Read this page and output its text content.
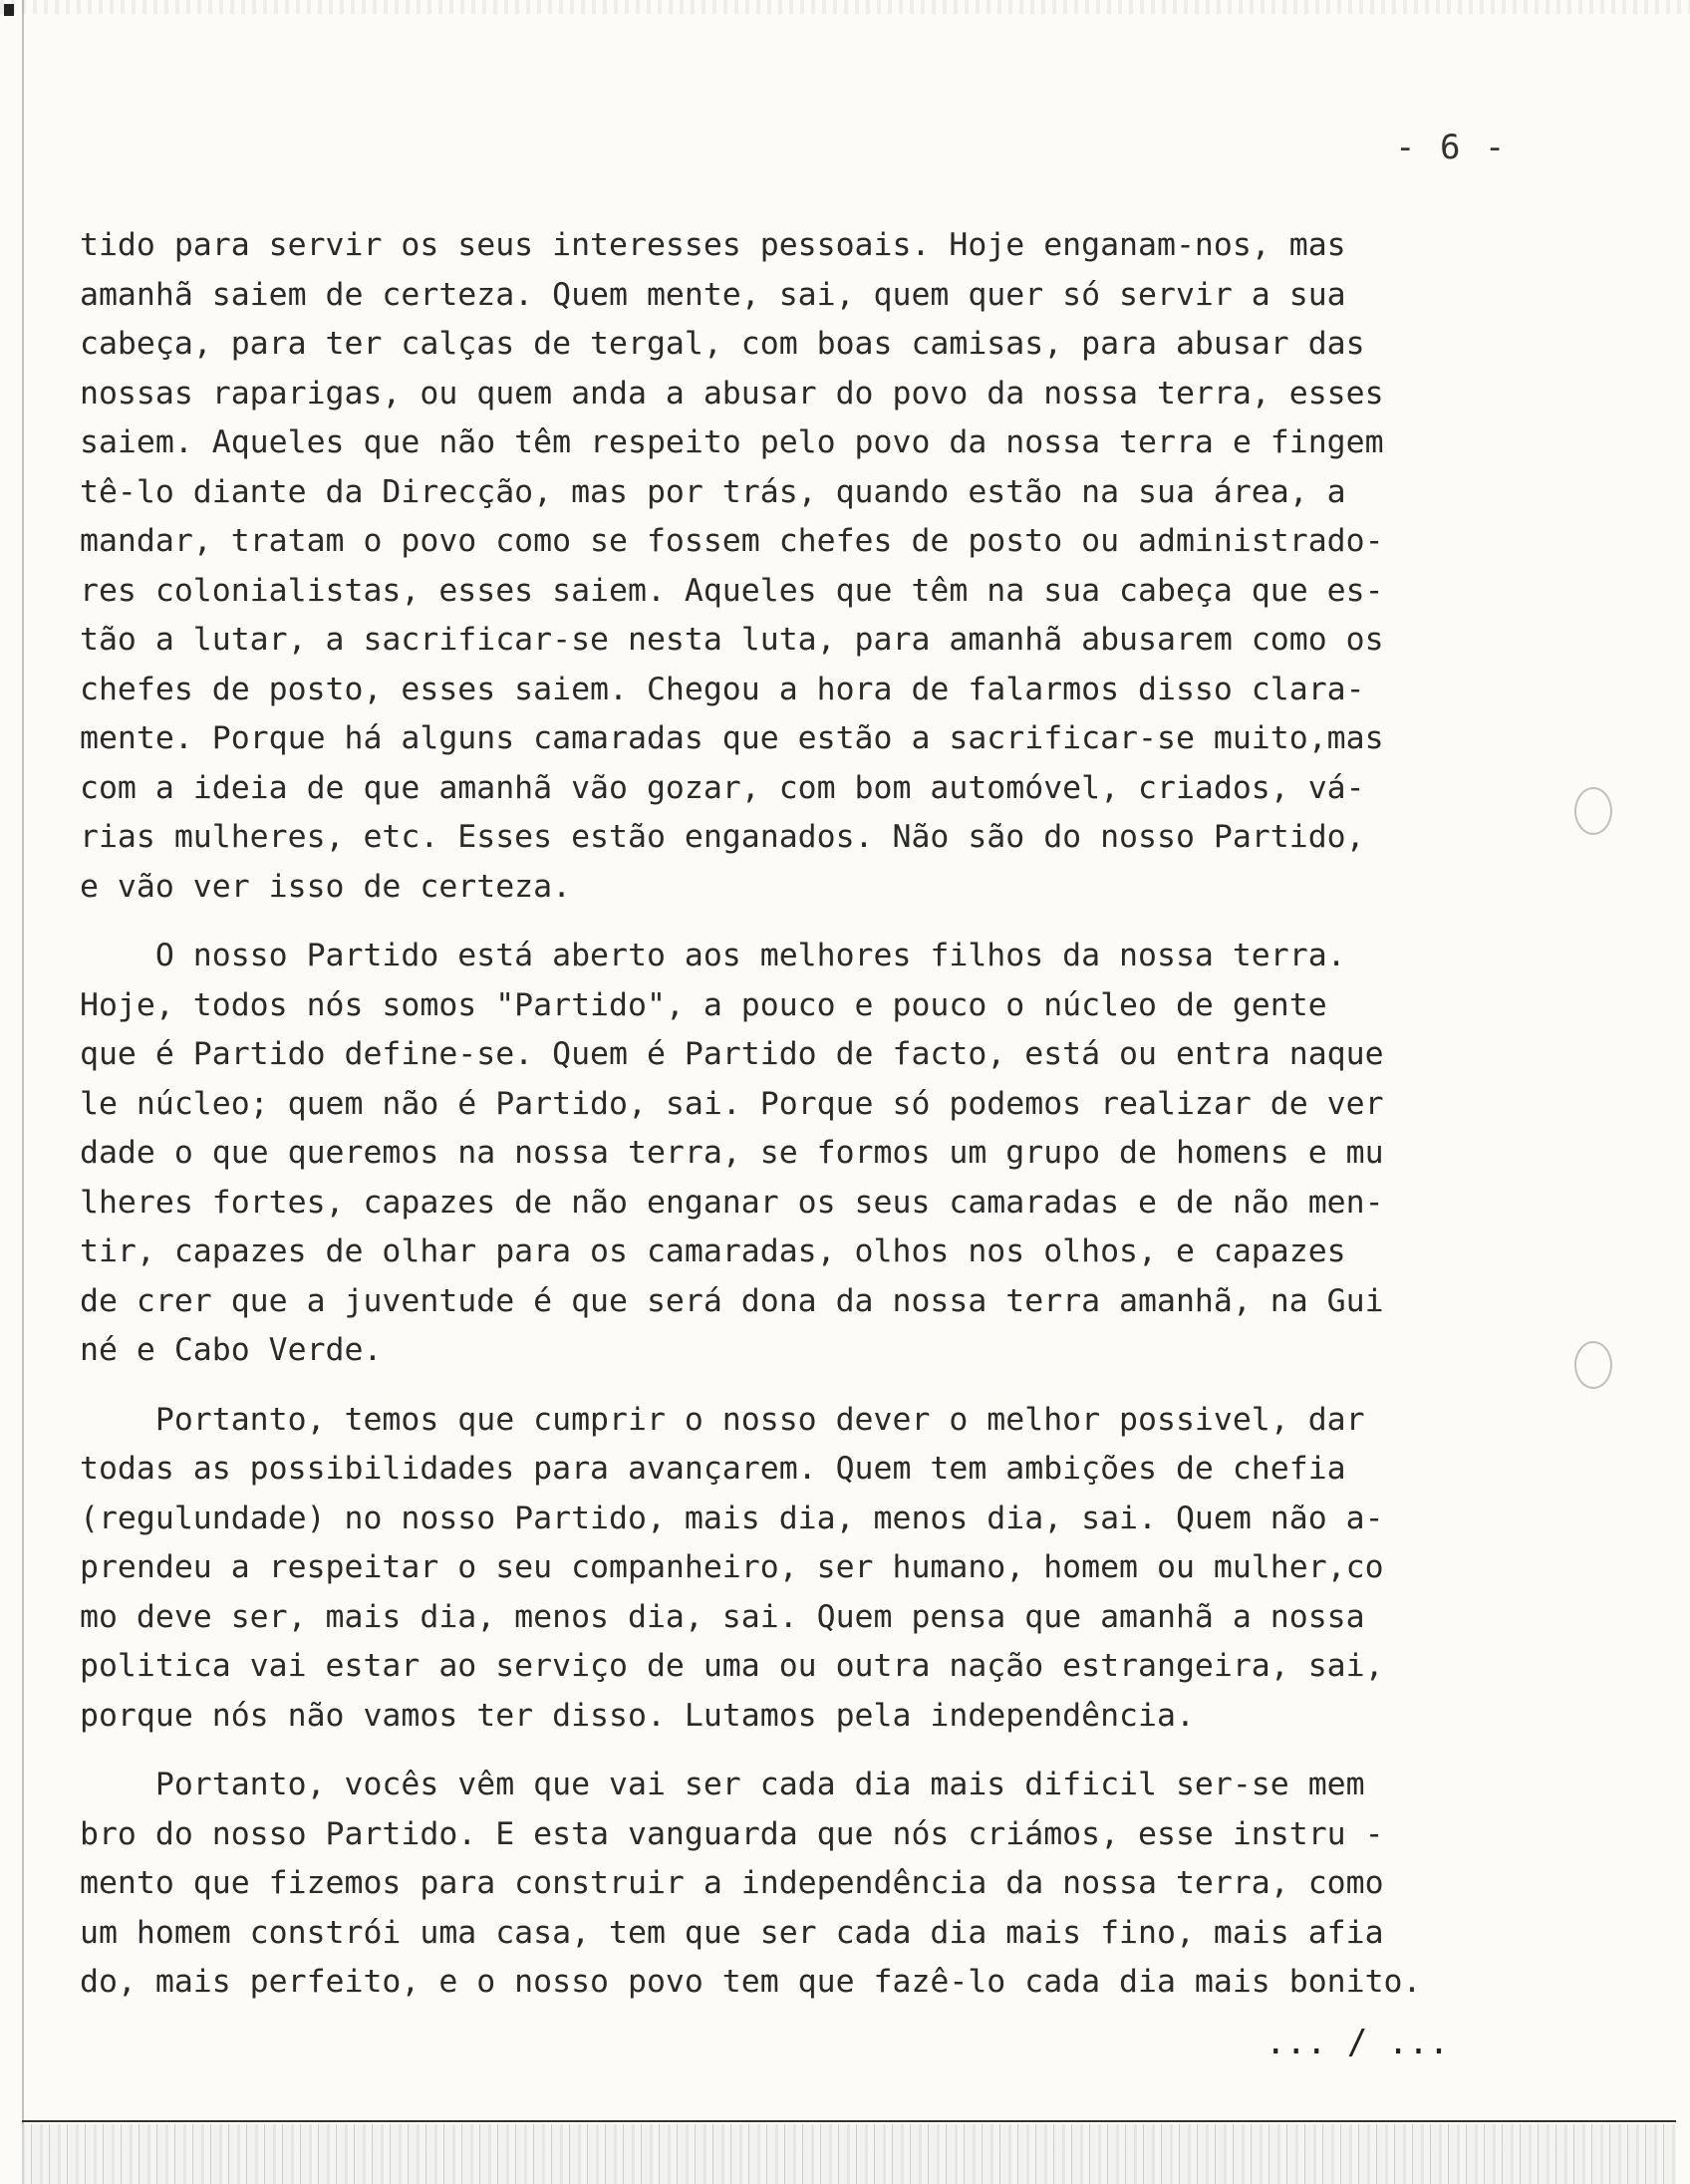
- 6 -
tido para servir os seus interesses pessoais. Hoje enganam-nos, mas
amanhã saiem de certeza. Quem mente, sai, quem quer só servir a sua
cabeça, para ter calças de tergal, com boas camisas, para abusar das
nossas raparigas, ou quem anda a abusar do povo da nossa terra, esses
saiem. Aqueles que não têm respeito pelo povo da nossa terra e fingem
tê-lo diante da Direcção, mas por trás, quando estão na sua área, a
mandar, tratam o povo como se fossem chefes de posto ou administrado-
res colonialistas, esses saiem. Aqueles que têm na sua cabeça que es-
tão a lutar, a sacrificar-se nesta luta, para amanhã abusarem como os
chefes de posto, esses saiem. Chegou a hora de falarmos disso clara-
mente. Porque há alguns camaradas que estão a sacrificar-se muito,mas
com a ideia de que amanhã vão gozar, com bom automóvel, criados, vá-
rias mulheres, etc. Esses estão enganados. Não são do nosso Partido,
e vão ver isso de certeza.
O nosso Partido está aberto aos melhores filhos da nossa terra.
Hoje, todos nós somos "Partido", a pouco e pouco o núcleo de gente
que é Partido define-se. Quem é Partido de facto, está ou entra naque
le núcleo; quem não é Partido, sai. Porque só podemos realizar de ver
dade o que queremos na nossa terra, se formos um grupo de homens e mu
lheres fortes, capazes de não enganar os seus camaradas e de não men-
tir, capazes de olhar para os camaradas, olhos nos olhos, e capazes
de crer que a juventude é que será dona da nossa terra amanhã, na Gui
né e Cabo Verde.
Portanto, temos que cumprir o nosso dever o melhor possivel, dar
todas as possibilidades para avançarem. Quem tem ambições de chefia
(regulundade) no nosso Partido, mais dia, menos dia, sai. Quem não a-
prendeu a respeitar o seu companheiro, ser humano, homem ou mulher,co
mo deve ser, mais dia, menos dia, sai. Quem pensa que amanhã a nossa
politica vai estar ao serviço de uma ou outra nação estrangeira, sai,
porque nós não vamos ter disso. Lutamos pela independência.
Portanto, vocês vêm que vai ser cada dia mais dificil ser-se mem
bro do nosso Partido. E esta vanguarda que nós criámos, esse instru -
mento que fizemos para construir a independência da nossa terra, como
um homem constrói uma casa, tem que ser cada dia mais fino, mais afia
do, mais perfeito, e o nosso povo tem que fazê-lo cada dia mais bonito.
... / ...
